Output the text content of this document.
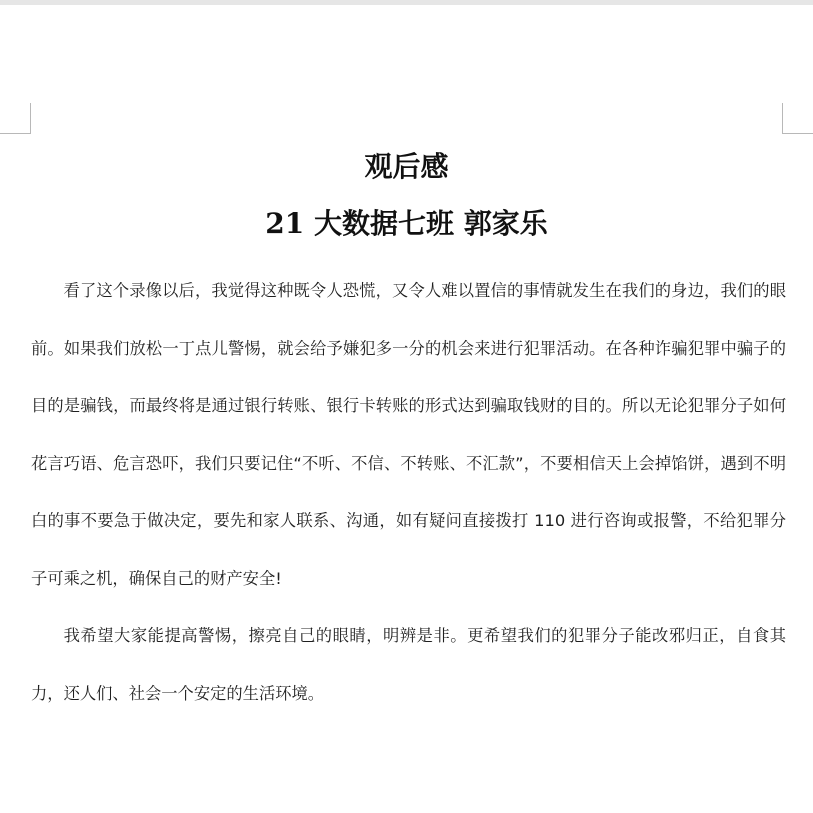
观后感
21 大数据七班 郭家乐

看了这个录像以后，我觉得这种既令人恐慌，又令人难以置信的事情就发生在我们的身边，我们的眼前。如果我们放松一丁点儿警惕，就会给予嫌犯多一分的机会来进行犯罪活动。在各种诈骗犯罪中骗子的目的是骗钱，而最终将是通过银行转账、银行卡转账的形式达到骗取钱财的目的。所以无论犯罪分子如何花言巧语、危言恐吓，我们只要记住“不听、不信、不转账、不汇款”，不要相信天上会掉馅饼，遇到不明白的事不要急于做决定，要先和家人联系、沟通，如有疑问直接拨打 110 进行咨询或报警，不给犯罪分子可乘之机，确保自己的财产安全!

我希望大家能提高警惕，擦亮自己的眼睛，明辨是非。更希望我们的犯罪分子能改邪归正，自食其力，还人们、社会一个安定的生活环境。
